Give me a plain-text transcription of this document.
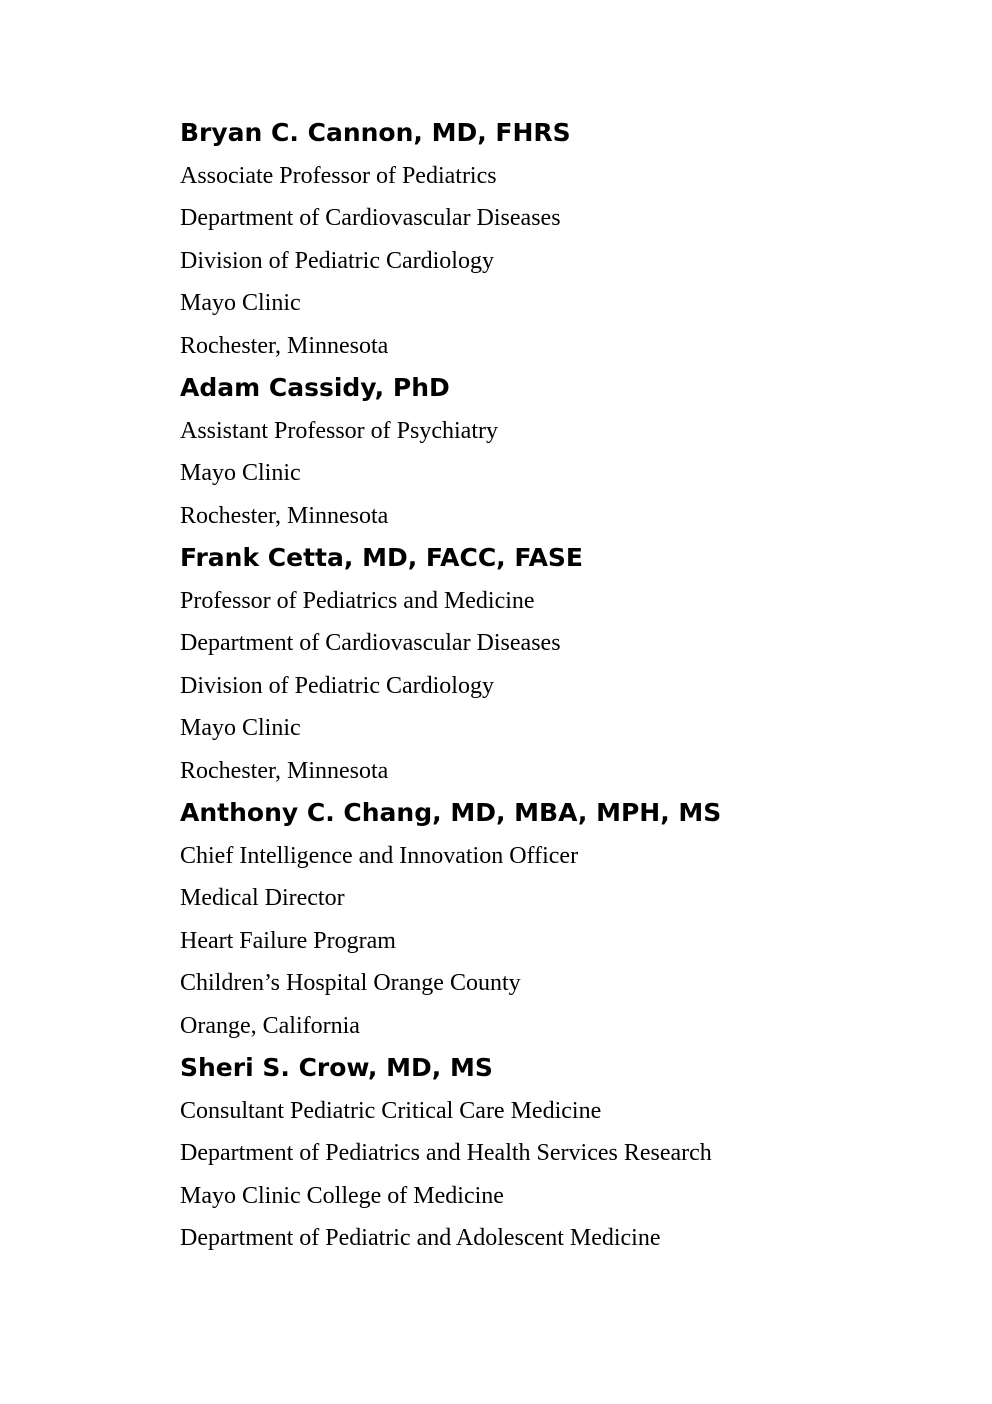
Bryan C. Cannon, MD, FHRS
Associate Professor of Pediatrics
Department of Cardiovascular Diseases
Division of Pediatric Cardiology
Mayo Clinic
Rochester, Minnesota
Adam Cassidy, PhD
Assistant Professor of Psychiatry
Mayo Clinic
Rochester, Minnesota
Frank Cetta, MD, FACC, FASE
Professor of Pediatrics and Medicine
Department of Cardiovascular Diseases
Division of Pediatric Cardiology
Mayo Clinic
Rochester, Minnesota
Anthony C. Chang, MD, MBA, MPH, MS
Chief Intelligence and Innovation Officer
Medical Director
Heart Failure Program
Children’s Hospital Orange County
Orange, California
Sheri S. Crow, MD, MS
Consultant Pediatric Critical Care Medicine
Department of Pediatrics and Health Services Research
Mayo Clinic College of Medicine
Department of Pediatric and Adolescent Medicine
